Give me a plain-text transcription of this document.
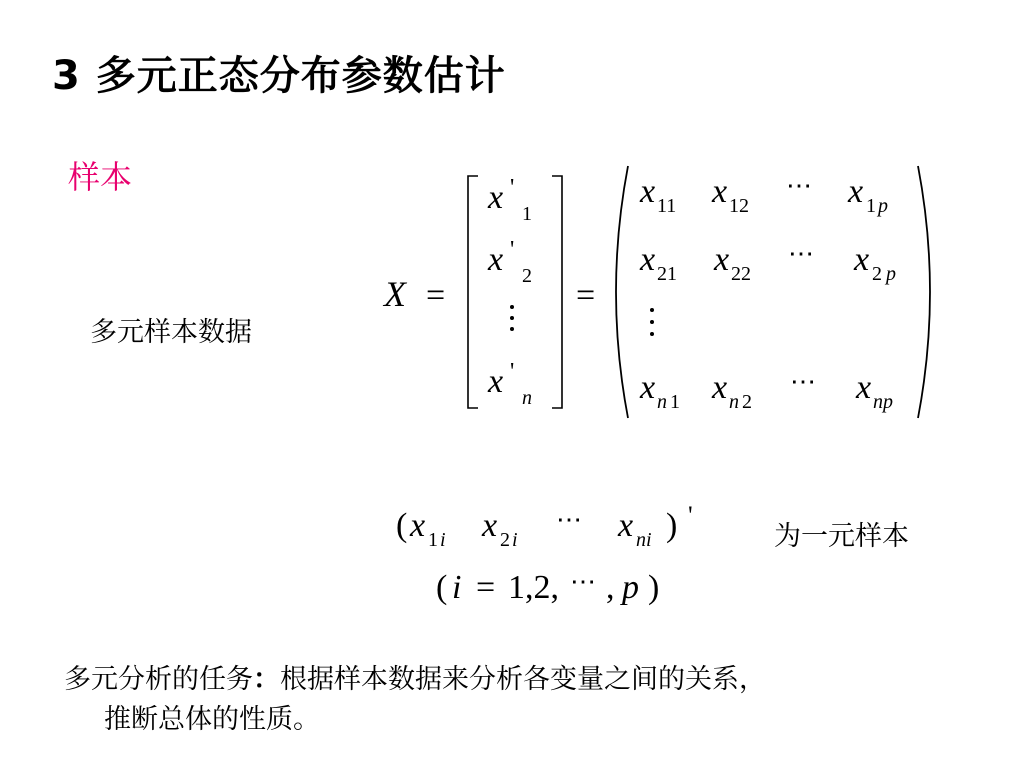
3 多元正态分布参数估计
样本
多元样本数据
X =
x '
1
x '
2
x '
n
=
x 11 x 12
⋯ x 1 p
x 21 x 22
⋯ x 2 p
x n 1 x n 2
⋯ x np
( x 1 i x 2 i
⋯ x ni ) '
( i = 1,2, ⋯ , p )
为一元样本
多元分析的任务：根据样本数据来分析各变量之间的关系，
推断总体的性质。
